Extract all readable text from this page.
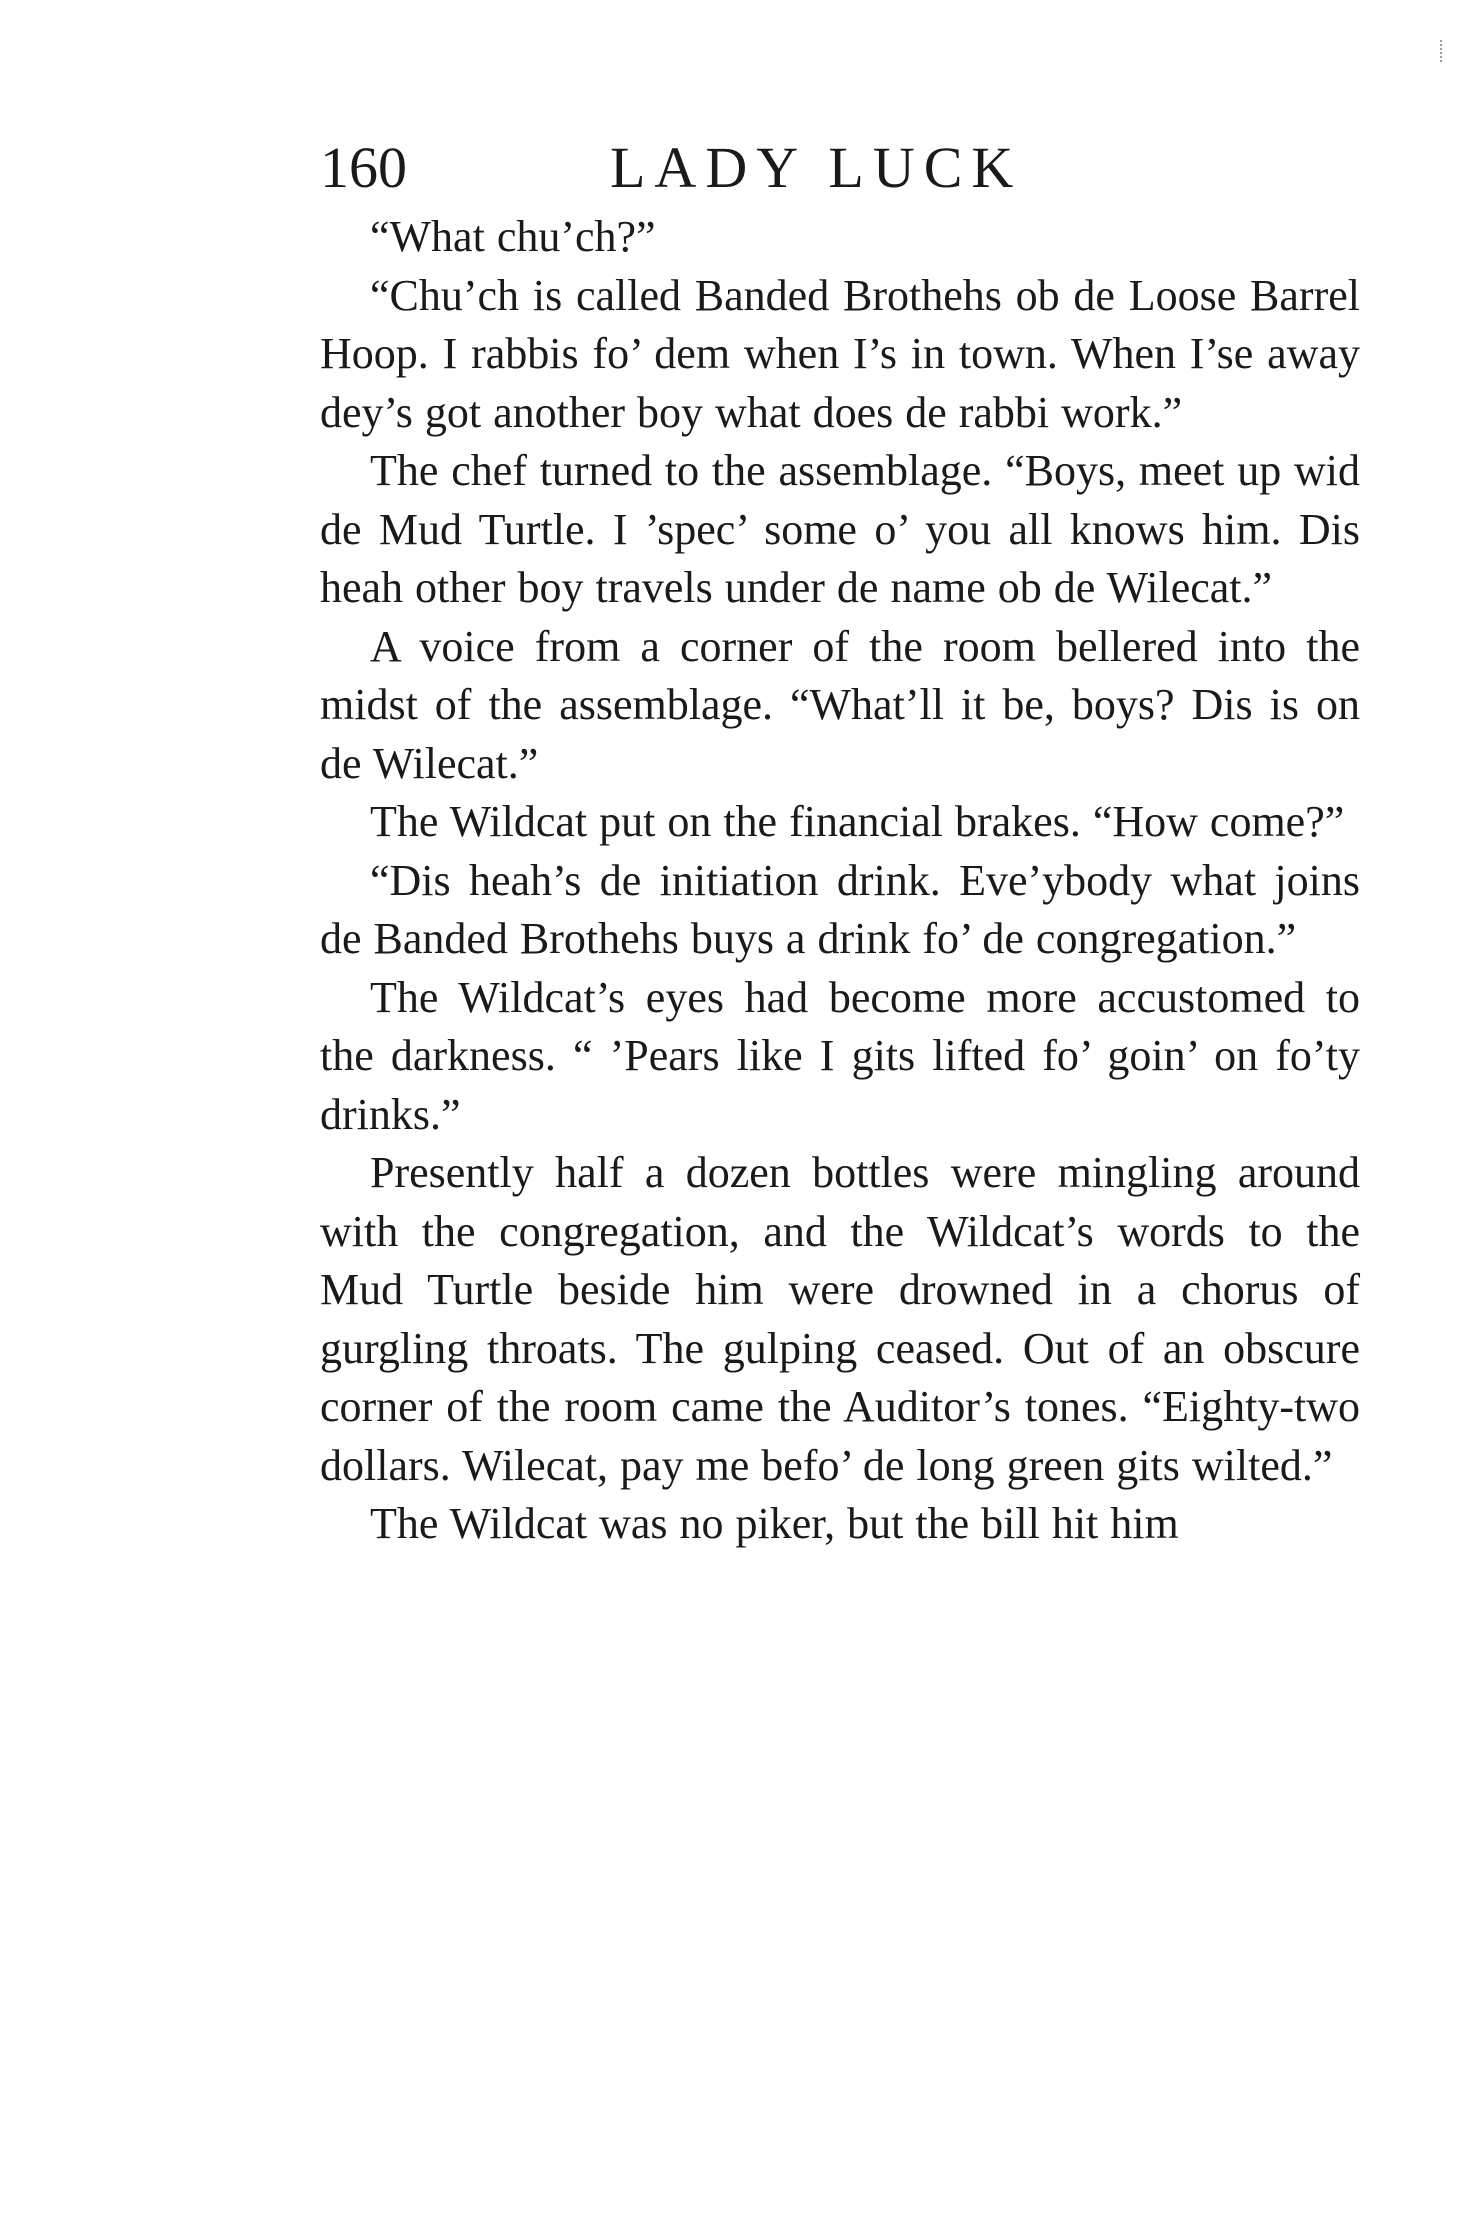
160	LADY LUCK

“What chu’ch?”

“Chu’ch is called Banded Brothehs ob de Loose Barrel Hoop. I rabbis fo’ dem when I’s in town. When I’se away dey’s got another boy what does de rabbi work.”

The chef turned to the assemblage. “Boys, meet up wid de Mud Turtle. I ’spec’ some o’ you all knows him. Dis heah other boy travels under de name ob de Wilecat.”

A voice from a corner of the room bellered into the midst of the assemblage. “What’ll it be, boys? Dis is on de Wilecat.”

The Wildcat put on the financial brakes. “How come?”

“Dis heah’s de initiation drink. Eve’ybody what joins de Banded Brothehs buys a drink fo’ de congregation.”

The Wildcat’s eyes had become more accustomed to the darkness. “ ’Pears like I gits lifted fo’ goin’ on fo’ty drinks.”

Presently half a dozen bottles were mingling around with the congregation, and the Wildcat’s words to the Mud Turtle beside him were drowned in a chorus of gurgling throats. The gulping ceased. Out of an obscure corner of the room came the Auditor’s tones. “Eighty-two dollars. Wilecat, pay me befo’ de long green gits wilted.”

The Wildcat was no piker, but the bill hit him
